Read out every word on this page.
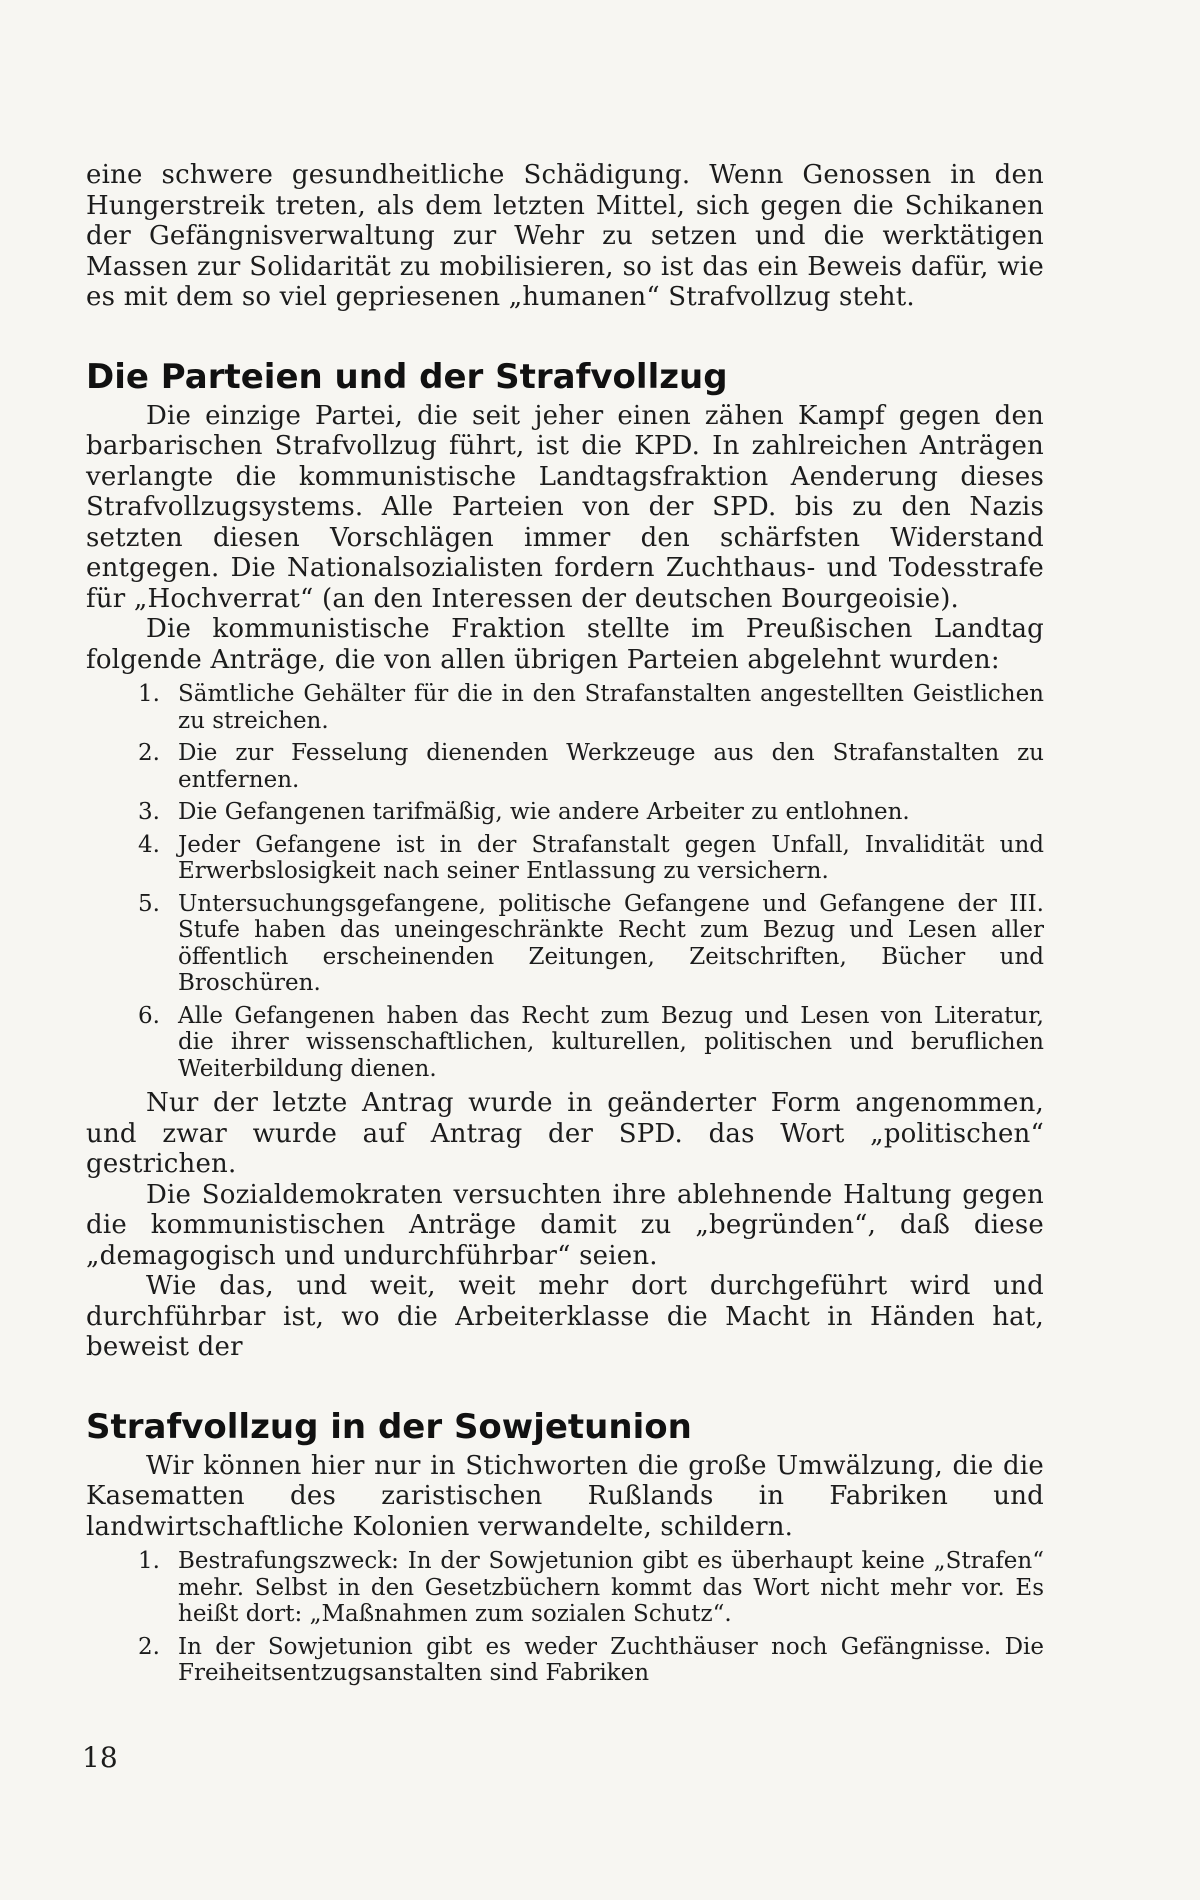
eine schwere gesundheitliche Schädigung. Wenn Genossen in den Hungerstreik treten, als dem letzten Mittel, sich gegen die Schikanen der Gefängnisverwaltung zur Wehr zu setzen und die werktätigen Massen zur Solidarität zu mobilisieren, so ist das ein Beweis dafür, wie es mit dem so viel gepriesenen „humanen“ Strafvollzug steht.

Die Parteien und der Strafvollzug

Die einzige Partei, die seit jeher einen zähen Kampf gegen den barbarischen Strafvollzug führt, ist die KPD. In zahlreichen Anträgen verlangte die kommunistische Landtagsfraktion Aenderung dieses Strafvollzugsystems. Alle Parteien von der SPD. bis zu den Nazis setzten diesen Vorschlägen immer den schärfsten Widerstand entgegen. Die Nationalsozialisten fordern Zuchthaus- und Todesstrafe für „Hochverrat“ (an den Interessen der deutschen Bourgeoisie).

Die kommunistische Fraktion stellte im Preußischen Landtag folgende Anträge, die von allen übrigen Parteien abgelehnt wurden:

1. Sämtliche Gehälter für die in den Strafanstalten angestellten Geistlichen zu streichen.
2. Die zur Fesselung dienenden Werkzeuge aus den Strafanstalten zu entfernen.
3. Die Gefangenen tarifmäßig, wie andere Arbeiter zu entlohnen.
4. Jeder Gefangene ist in der Strafanstalt gegen Unfall, Invalidität und Erwerbslosigkeit nach seiner Entlassung zu versichern.
5. Untersuchungsgefangene, politische Gefangene und Gefangene der III. Stufe haben das uneingeschränkte Recht zum Bezug und Lesen aller öffentlich erscheinenden Zeitungen, Zeitschriften, Bücher und Broschüren.
6. Alle Gefangenen haben das Recht zum Bezug und Lesen von Literatur, die ihrer wissenschaftlichen, kulturellen, politischen und beruflichen Weiterbildung dienen.

Nur der letzte Antrag wurde in geänderter Form angenommen, und zwar wurde auf Antrag der SPD. das Wort „politischen“ gestrichen.

Die Sozialdemokraten versuchten ihre ablehnende Haltung gegen die kommunistischen Anträge damit zu „begründen“, daß diese „demagogisch und undurchführbar“ seien.

Wie das, und weit, weit mehr dort durchgeführt wird und durchführbar ist, wo die Arbeiterklasse die Macht in Händen hat, beweist der

Strafvollzug in der Sowjetunion

Wir können hier nur in Stichworten die große Umwälzung, die die Kasematten des zaristischen Rußlands in Fabriken und landwirtschaftliche Kolonien verwandelte, schildern.

1. Bestrafungszweck: In der Sowjetunion gibt es überhaupt keine „Strafen“ mehr. Selbst in den Gesetzbüchern kommt das Wort nicht mehr vor. Es heißt dort: „Maßnahmen zum sozialen Schutz“.
2. In der Sowjetunion gibt es weder Zuchthäuser noch Gefängnisse. Die Freiheitsentzugsanstalten sind Fabriken

18
